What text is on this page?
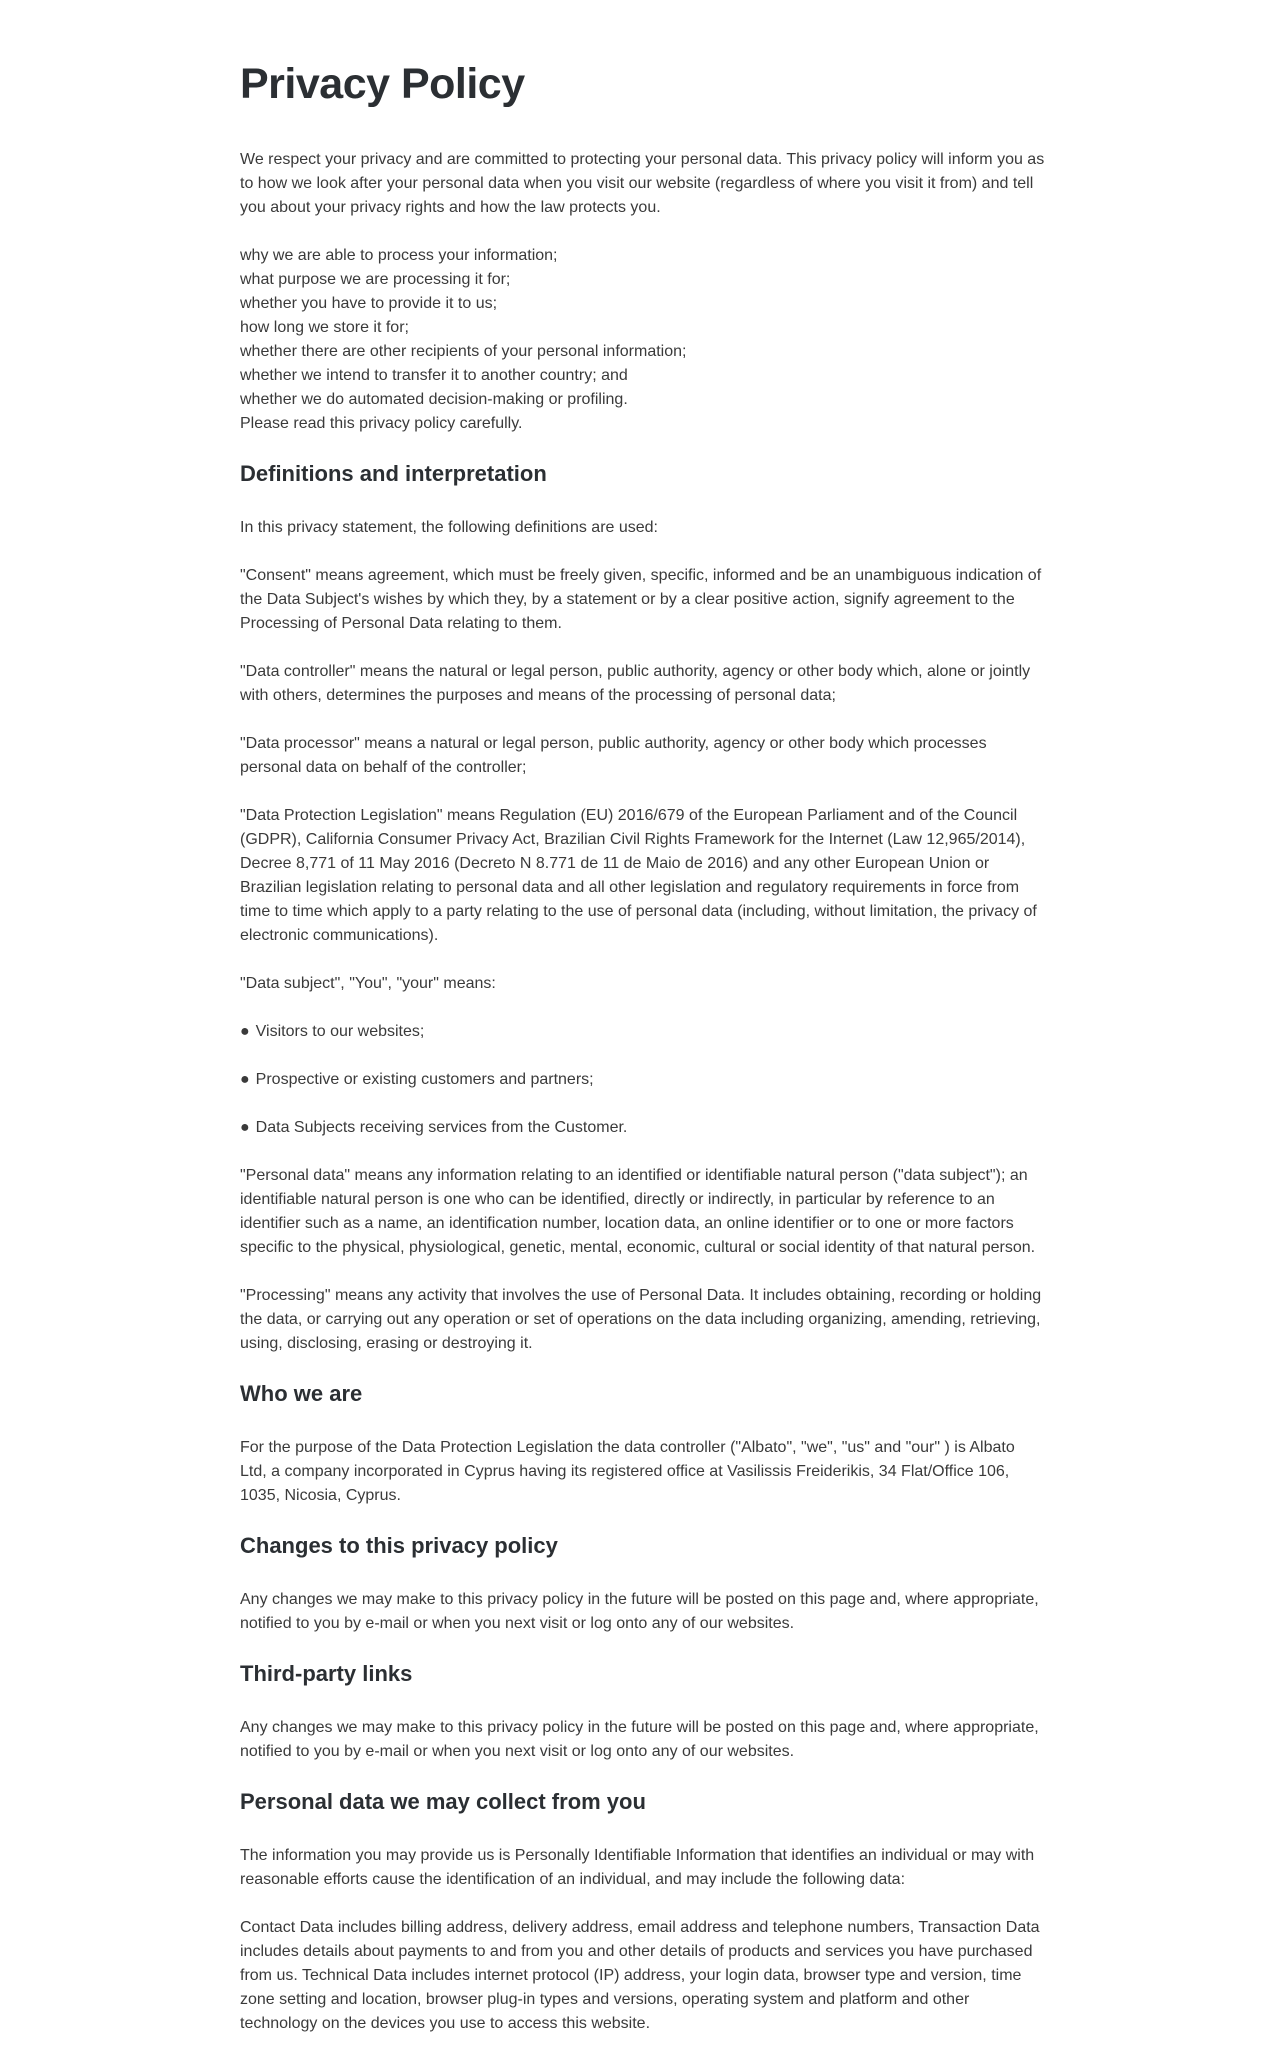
Privacy Policy

We respect your privacy and are committed to protecting your personal data. This privacy policy will inform you as to how we look after your personal data when you visit our website (regardless of where you visit it from) and tell you about your privacy rights and how the law protects you.

why we are able to process your information;
what purpose we are processing it for;
whether you have to provide it to us;
how long we store it for;
whether there are other recipients of your personal information;
whether we intend to transfer it to another country; and
whether we do automated decision-making or profiling.
Please read this privacy policy carefully.
Definitions and interpretation

In this privacy statement, the following definitions are used:

"Consent" means agreement, which must be freely given, specific, informed and be an unambiguous indication of the Data Subject's wishes by which they, by a statement or by a clear positive action, signify agreement to the Processing of Personal Data relating to them.

"Data controller" means the natural or legal person, public authority, agency or other body which, alone or jointly with others, determines the purposes and means of the processing of personal data;

"Data processor" means a natural or legal person, public authority, agency or other body which processes personal data on behalf of the controller;

"Data Protection Legislation" means Regulation (EU) 2016/679 of the European Parliament and of the Council (GDPR), California Consumer Privacy Act, Brazilian Civil Rights Framework for the Internet (Law 12,965/2014), Decree 8,771 of 11 May 2016 (Decreto N 8.771 de 11 de Maio de 2016) and any other European Union or Brazilian legislation relating to personal data and all other legislation and regulatory requirements in force from time to time which apply to a party relating to the use of personal data (including, without limitation, the privacy of electronic communications).

"Data subject", "You", "your" means:

● Visitors to our websites;
● Prospective or existing customers and partners;
● Data Subjects receiving services from the Customer.

"Personal data" means any information relating to an identified or identifiable natural person ("data subject"); an identifiable natural person is one who can be identified, directly or indirectly, in particular by reference to an identifier such as a name, an identification number, location data, an online identifier or to one or more factors specific to the physical, physiological, genetic, mental, economic, cultural or social identity of that natural person.

"Processing" means any activity that involves the use of Personal Data. It includes obtaining, recording or holding the data, or carrying out any operation or set of operations on the data including organizing, amending, retrieving, using, disclosing, erasing or destroying it.

Who we are

For the purpose of the Data Protection Legislation the data controller ("Albato", "we", "us" and "our" ) is Albato Ltd, a company incorporated in Cyprus having its registered office at Vasilissis Freiderikis, 34 Flat/Office 106, 1035, Nicosia, Cyprus.

Changes to this privacy policy

Any changes we may make to this privacy policy in the future will be posted on this page and, where appropriate, notified to you by e-mail or when you next visit or log onto any of our websites.

Third-party links

Any changes we may make to this privacy policy in the future will be posted on this page and, where appropriate, notified to you by e-mail or when you next visit or log onto any of our websites.

Personal data we may collect from you

The information you may provide us is Personally Identifiable Information that identifies an individual or may with reasonable efforts cause the identification of an individual, and may include the following data:

Contact Data includes billing address, delivery address, email address and telephone numbers, Transaction Data includes details about payments to and from you and other details of products and services you have purchased from us. Technical Data includes internet protocol (IP) address, your login data, browser type and version, time zone setting and location, browser plug-in types and versions, operating system and platform and other technology on the devices you use to access this website.
